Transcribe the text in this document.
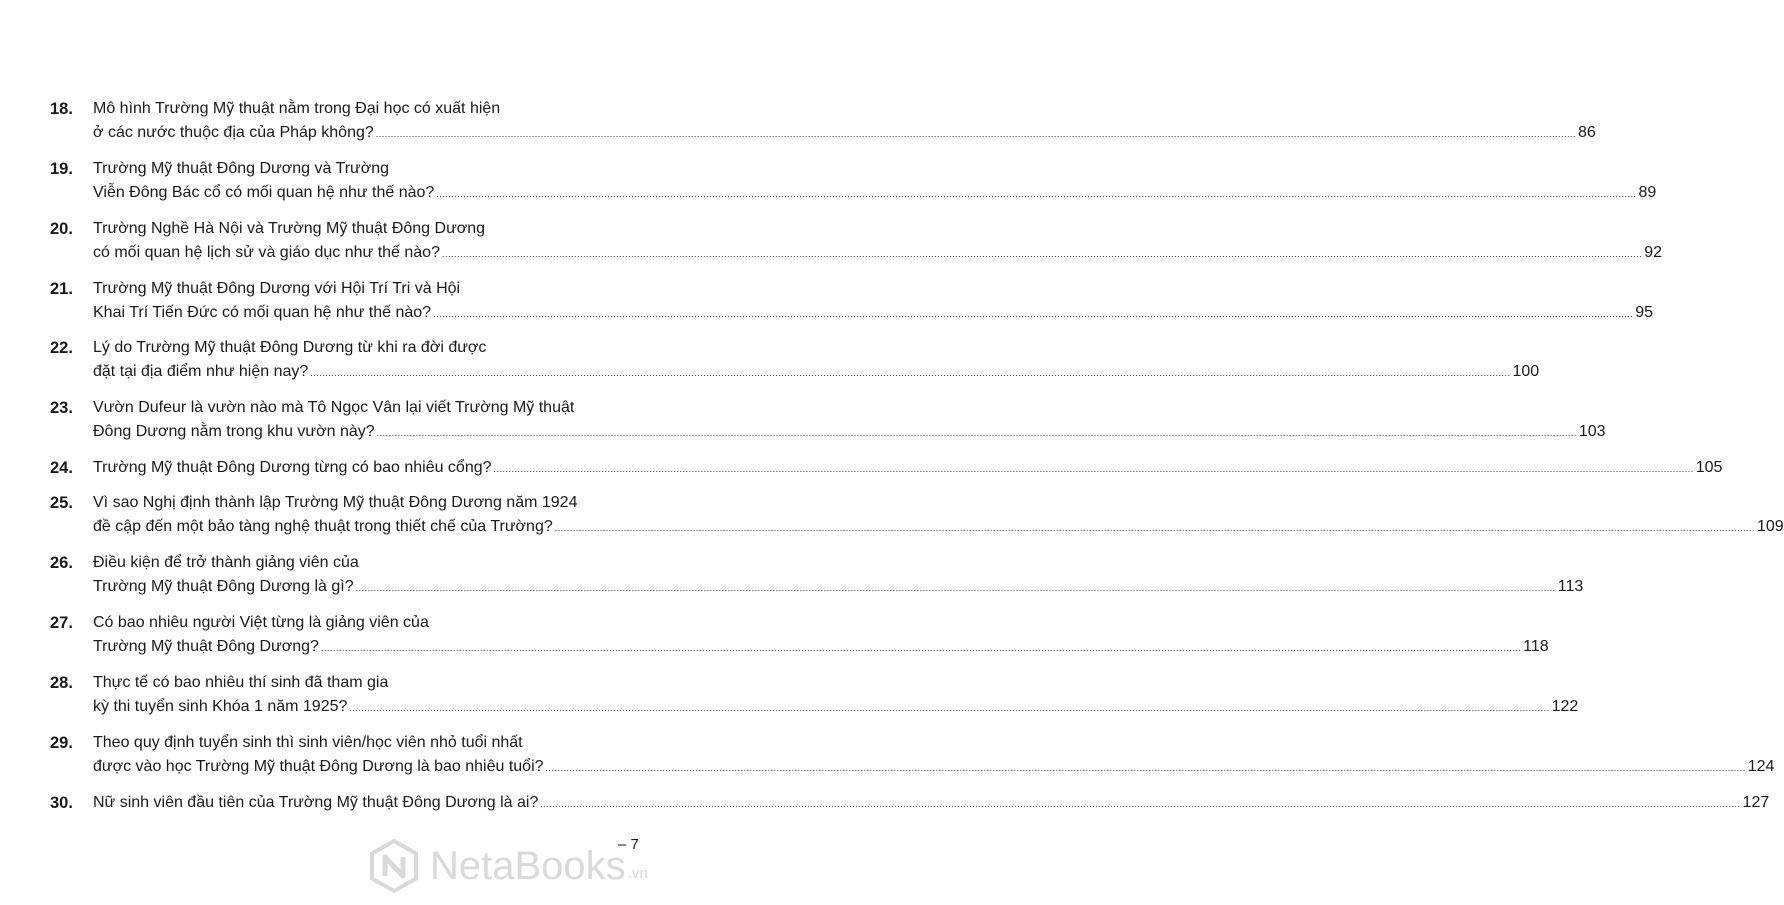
18. Mô hình Trường Mỹ thuật nằm trong Đại học có xuất hiện
ở các nước thuộc địa của Pháp không? ................................................................................................................................................................................................................................................................................................................................................................................................................ 86
19. Trường Mỹ thuật Đông Dương và Trường
Viễn Đông Bác cổ có mối quan hệ như thế nào? ................................................................................................................................................................................................................................................................................................................................................................................................................ 89
20. Trường Nghề Hà Nội và Trường Mỹ thuật Đông Dương
có mối quan hệ lịch sử và giáo dục như thế nào? ................................................................................................................................................................................................................................................................................................................................................................................................................ 92
21. Trường Mỹ thuật Đông Dương với Hội Trí Tri và Hội
Khai Trí Tiến Đức có mối quan hệ như thế nào? ................................................................................................................................................................................................................................................................................................................................................................................................................ 95
22. Lý do Trường Mỹ thuật Đông Dương từ khi ra đời được
đặt tại địa điểm như hiện nay? ................................................................................................................................................................................................................................................................................................................................................................................................................ 100
23. Vườn Dufeur là vườn nào mà Tô Ngọc Vân lại viết Trường Mỹ thuật
Đông Dương nằm trong khu vườn này? ................................................................................................................................................................................................................................................................................................................................................................................................................ 103
24. Trường Mỹ thuật Đông Dương từng có bao nhiêu cổng? ................................................................................................................................................................................................................................................................................................................................................................................................................ 105
25. Vì sao Nghị định thành lập Trường Mỹ thuật Đông Dương năm 1924
đề cập đến một bảo tàng nghệ thuật trong thiết chế của Trường? ................................................................................................................................................................................................................................................................................................................................................................................................................ 109
26. Điều kiện để trở thành giảng viên của
Trường Mỹ thuật Đông Dương là gì? ................................................................................................................................................................................................................................................................................................................................................................................................................ 113
27. Có bao nhiêu người Việt từng là giảng viên của
Trường Mỹ thuật Đông Dương? ................................................................................................................................................................................................................................................................................................................................................................................................................ 118
28. Thực tế có bao nhiêu thí sinh đã tham gia
kỳ thi tuyển sinh Khóa 1 năm 1925? ................................................................................................................................................................................................................................................................................................................................................................................................................ 122
29. Theo quy định tuyển sinh thì sinh viên/học viên nhỏ tuổi nhất
được vào học Trường Mỹ thuật Đông Dương là bao nhiêu tuổi? ................................................................................................................................................................................................................................................................................................................................................................................................................ 124
30. Nữ sinh viên đầu tiên của Trường Mỹ thuật Đông Dương là ai? ................................................................................................................................................................................................................................................................................................................................................................................................................ 127
– 7
NetaBooks .vn
